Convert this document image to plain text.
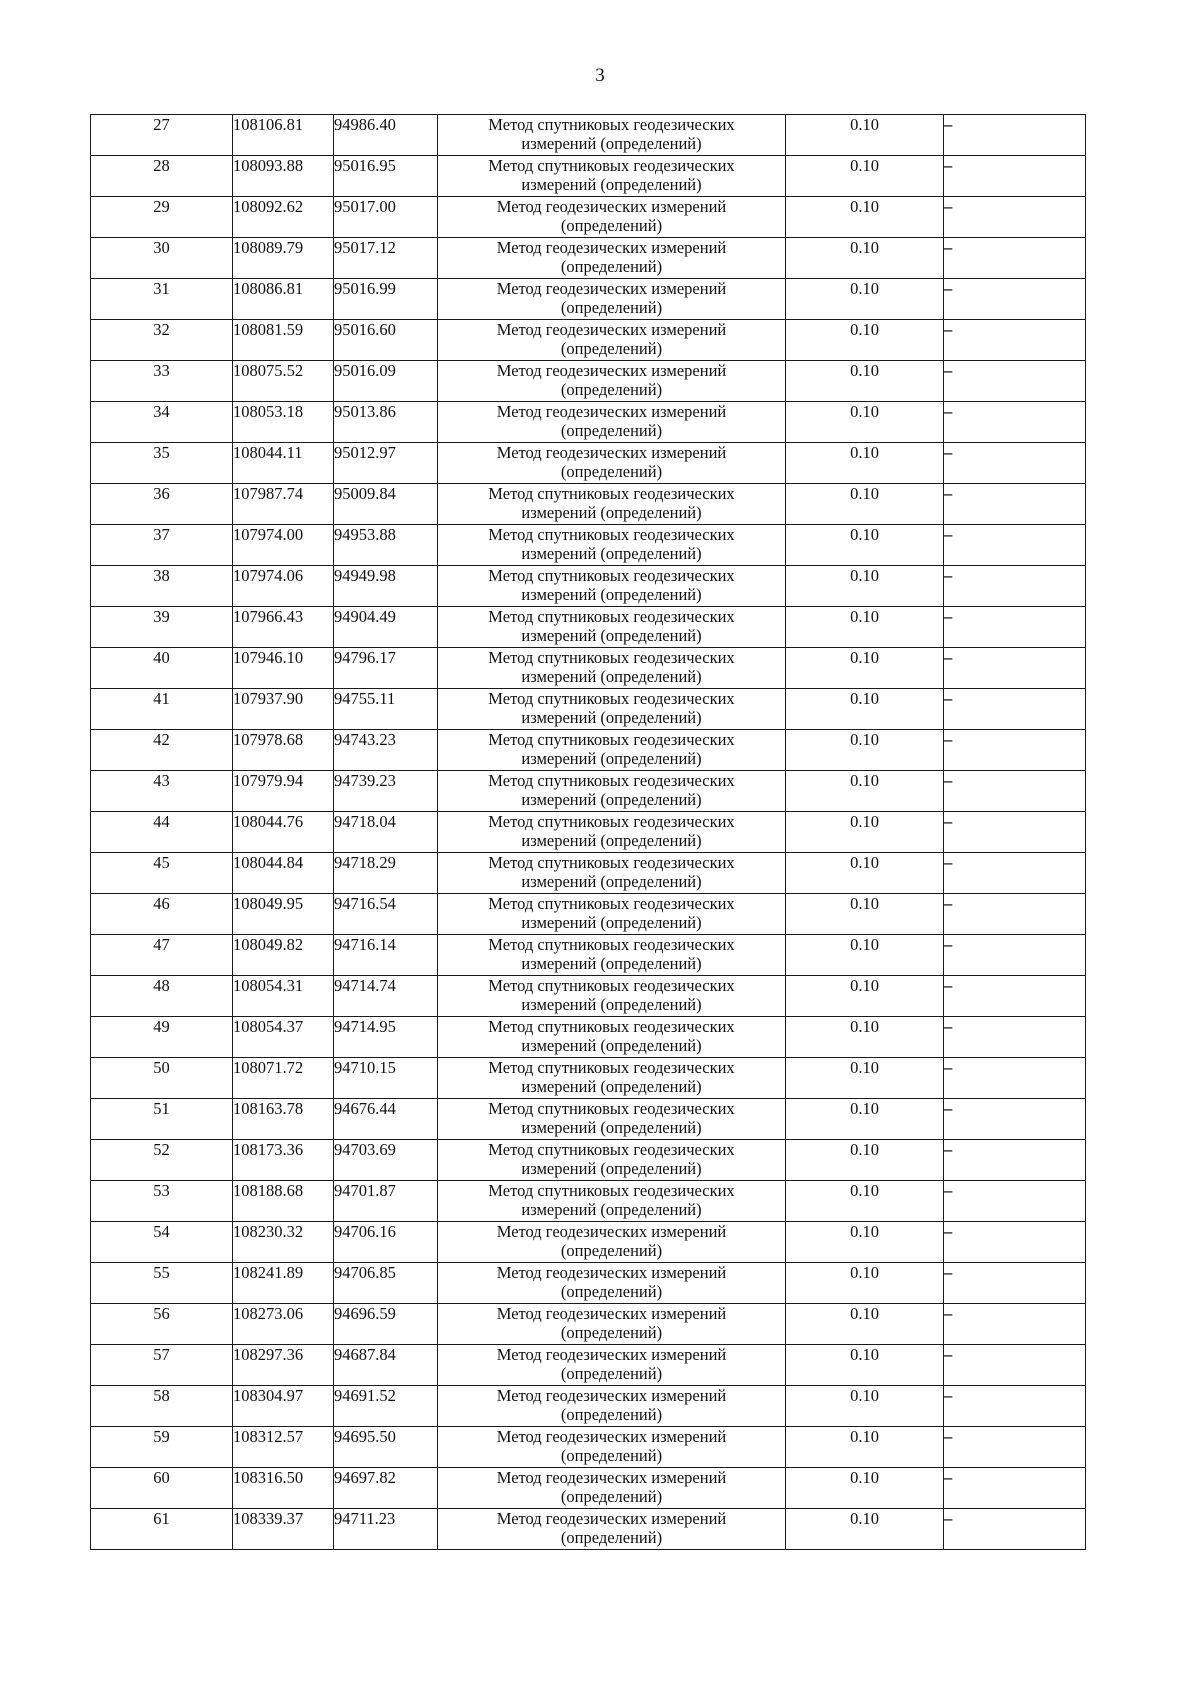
3
27	108106.81	94986.40	Метод спутниковых геодезических измерений (определений)	0.10	–
28	108093.88	95016.95	Метод спутниковых геодезических измерений (определений)	0.10	–
29	108092.62	95017.00	Метод геодезических измерений (определений)	0.10	–
30	108089.79	95017.12	Метод геодезических измерений (определений)	0.10	–
31	108086.81	95016.99	Метод геодезических измерений (определений)	0.10	–
32	108081.59	95016.60	Метод геодезических измерений (определений)	0.10	–
33	108075.52	95016.09	Метод геодезических измерений (определений)	0.10	–
34	108053.18	95013.86	Метод геодезических измерений (определений)	0.10	–
35	108044.11	95012.97	Метод геодезических измерений (определений)	0.10	–
36	107987.74	95009.84	Метод спутниковых геодезических измерений (определений)	0.10	–
37	107974.00	94953.88	Метод спутниковых геодезических измерений (определений)	0.10	–
38	107974.06	94949.98	Метод спутниковых геодезических измерений (определений)	0.10	–
39	107966.43	94904.49	Метод спутниковых геодезических измерений (определений)	0.10	–
40	107946.10	94796.17	Метод спутниковых геодезических измерений (определений)	0.10	–
41	107937.90	94755.11	Метод спутниковых геодезических измерений (определений)	0.10	–
42	107978.68	94743.23	Метод спутниковых геодезических измерений (определений)	0.10	–
43	107979.94	94739.23	Метод спутниковых геодезических измерений (определений)	0.10	–
44	108044.76	94718.04	Метод спутниковых геодезических измерений (определений)	0.10	–
45	108044.84	94718.29	Метод спутниковых геодезических измерений (определений)	0.10	–
46	108049.95	94716.54	Метод спутниковых геодезических измерений (определений)	0.10	–
47	108049.82	94716.14	Метод спутниковых геодезических измерений (определений)	0.10	–
48	108054.31	94714.74	Метод спутниковых геодезических измерений (определений)	0.10	–
49	108054.37	94714.95	Метод спутниковых геодезических измерений (определений)	0.10	–
50	108071.72	94710.15	Метод спутниковых геодезических измерений (определений)	0.10	–
51	108163.78	94676.44	Метод спутниковых геодезических измерений (определений)	0.10	–
52	108173.36	94703.69	Метод спутниковых геодезических измерений (определений)	0.10	–
53	108188.68	94701.87	Метод спутниковых геодезических измерений (определений)	0.10	–
54	108230.32	94706.16	Метод геодезических измерений (определений)	0.10	–
55	108241.89	94706.85	Метод геодезических измерений (определений)	0.10	–
56	108273.06	94696.59	Метод геодезических измерений (определений)	0.10	–
57	108297.36	94687.84	Метод геодезических измерений (определений)	0.10	–
58	108304.97	94691.52	Метод геодезических измерений (определений)	0.10	–
59	108312.57	94695.50	Метод геодезических измерений (определений)	0.10	–
60	108316.50	94697.82	Метод геодезических измерений (определений)	0.10	–
61	108339.37	94711.23	Метод геодезических измерений (определений)	0.10	–
